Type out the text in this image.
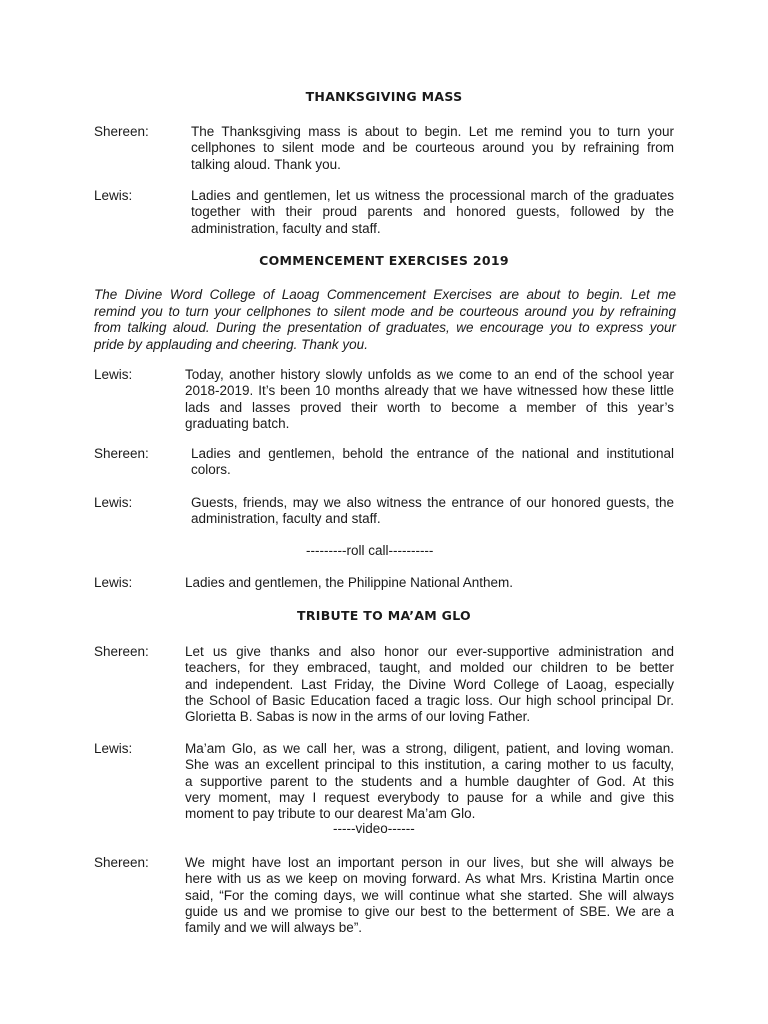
THANKSGIVING MASS
Shereen:	The Thanksgiving mass is about to begin. Let me remind you to turn your
cellphones to silent mode and be courteous around you by refraining from
talking aloud. Thank you.
Lewis:	Ladies and gentlemen, let us witness the processional march of the graduates
together with their proud parents and honored guests, followed by the
administration, faculty and staff.
COMMENCEMENT EXERCISES 2019
The Divine Word College of Laoag Commencement Exercises are about to begin. Let me
remind you to turn your cellphones to silent mode and be courteous around you by refraining
from talking aloud. During the presentation of graduates, we encourage you to express your
pride by applauding and cheering. Thank you.
Lewis:	Today, another history slowly unfolds as we come to an end of the school year
2018-2019. It’s been 10 months already that we have witnessed how these little
lads and lasses proved their worth to become a member of this year’s
graduating batch.
Shereen:	Ladies and gentlemen, behold the entrance of the national and institutional
colors.
Lewis:	Guests, friends, may we also witness the entrance of our honored guests, the
administration, faculty and staff.
---------roll call----------
Lewis:	Ladies and gentlemen, the Philippine National Anthem.
TRIBUTE TO MA’AM GLO
Shereen:	Let us give thanks and also honor our ever-supportive administration and
teachers, for they embraced, taught, and molded our children to be better
and independent. Last Friday, the Divine Word College of Laoag, especially
the School of Basic Education faced a tragic loss. Our high school principal Dr.
Glorietta B. Sabas is now in the arms of our loving Father.
Lewis:	Ma’am Glo, as we call her, was a strong, diligent, patient, and loving woman.
She was an excellent principal to this institution, a caring mother to us faculty,
a supportive parent to the students and a humble daughter of God. At this
very moment, may I request everybody to pause for a while and give this
moment to pay tribute to our dearest Ma’am Glo.
-----video------
Shereen:	We might have lost an important person in our lives, but she will always be
here with us as we keep on moving forward. As what Mrs. Kristina Martin once
said, “For the coming days, we will continue what she started. She will always
guide us and we promise to give our best to the betterment of SBE. We are a
family and we will always be”.
